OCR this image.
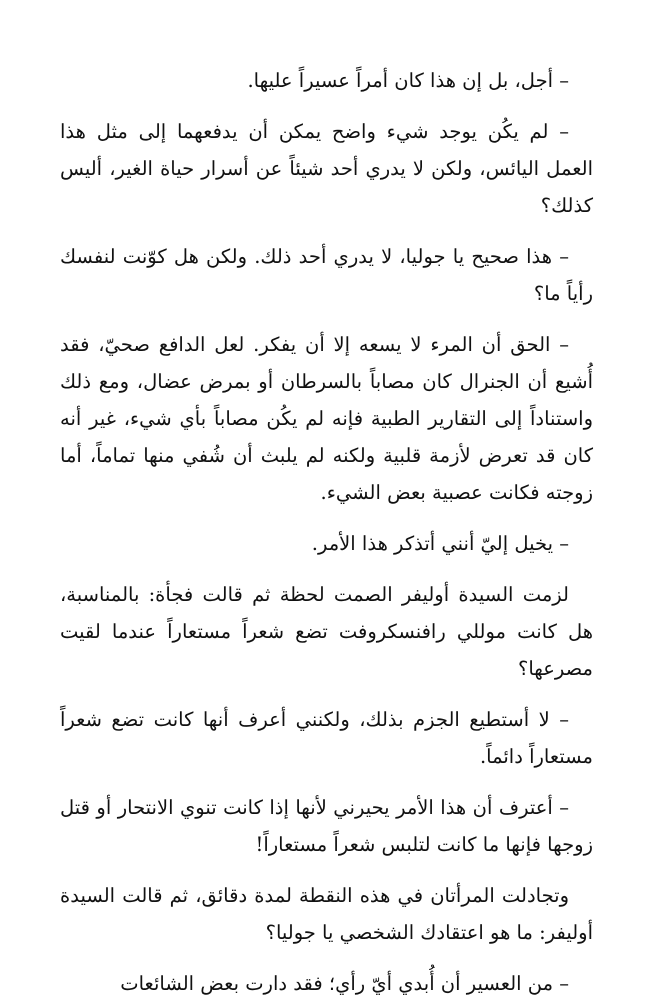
– أجل، بل إن هذا كان أمراً عسيراً عليها.

– لم يكُن يوجد شيء واضح يمكن أن يدفعهما إلى مثل هذا العمل اليائس، ولكن لا يدري أحد شيئاً عن أسرار حياة الغير، أليس كذلك؟

– هذا صحيح يا جوليا، لا يدري أحد ذلك. ولكن هل كوّنت لنفسك رأياً ما؟

– الحق أن المرء لا يسعه إلا أن يفكر. لعل الدافع صحيّ، فقد أُشيع أن الجنرال كان مصاباً بالسرطان أو بمرض عضال، ومع ذلك واستناداً إلى التقارير الطبية فإنه لم يكُن مصاباً بأي شيء، غير أنه كان قد تعرض لأزمة قلبية ولكنه لم يلبث أن شُفي منها تماماً، أما زوجته فكانت عصبية بعض الشيء.

– يخيل إليّ أنني أتذكر هذا الأمر.

لزمت السيدة أوليفر الصمت لحظة ثم قالت فجأة: بالمناسبة، هل كانت موللي رافنسكروفت تضع شعراً مستعاراً عندما لقيت مصرعها؟

– لا أستطيع الجزم بذلك، ولكنني أعرف أنها كانت تضع شعراً مستعاراً دائماً.

– أعترف أن هذا الأمر يحيرني لأنها إذا كانت تنوي الانتحار أو قتل زوجها فإنها ما كانت لتلبس شعراً مستعاراً!

وتجادلت المرأتان في هذه النقطة لمدة دقائق، ثم قالت السيدة أوليفر: ما هو اعتقادك الشخصي يا جوليا؟

– من العسير أن أُبدي أيّ رأي؛ فقد دارت بعض الشائعات
